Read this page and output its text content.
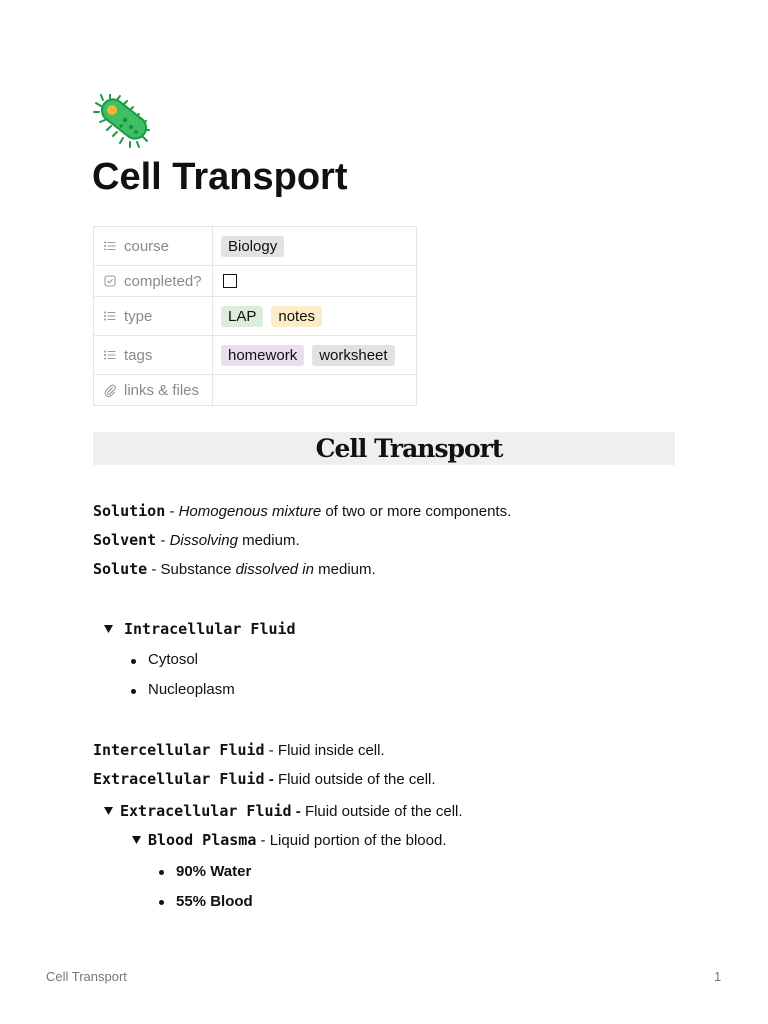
Cell Transport
course	Biology

completed?	

type	LAP notes

tags	homework worksheet

links & files	

Cell Transport
Solution - Homogenous mixture of two or more components.
Solvent - Dissolving medium.
Solute - Substance dissolved in medium.
Intracellular Fluid
Cytosol
Nucleoplasm
Intercellular Fluid - Fluid inside cell.
Extracellular Fluid - Fluid outside of the cell.
Extracellular Fluid - Fluid outside of the cell.
Blood Plasma - Liquid portion of the blood.
90% Water
55% Blood
Cell Transport	1
